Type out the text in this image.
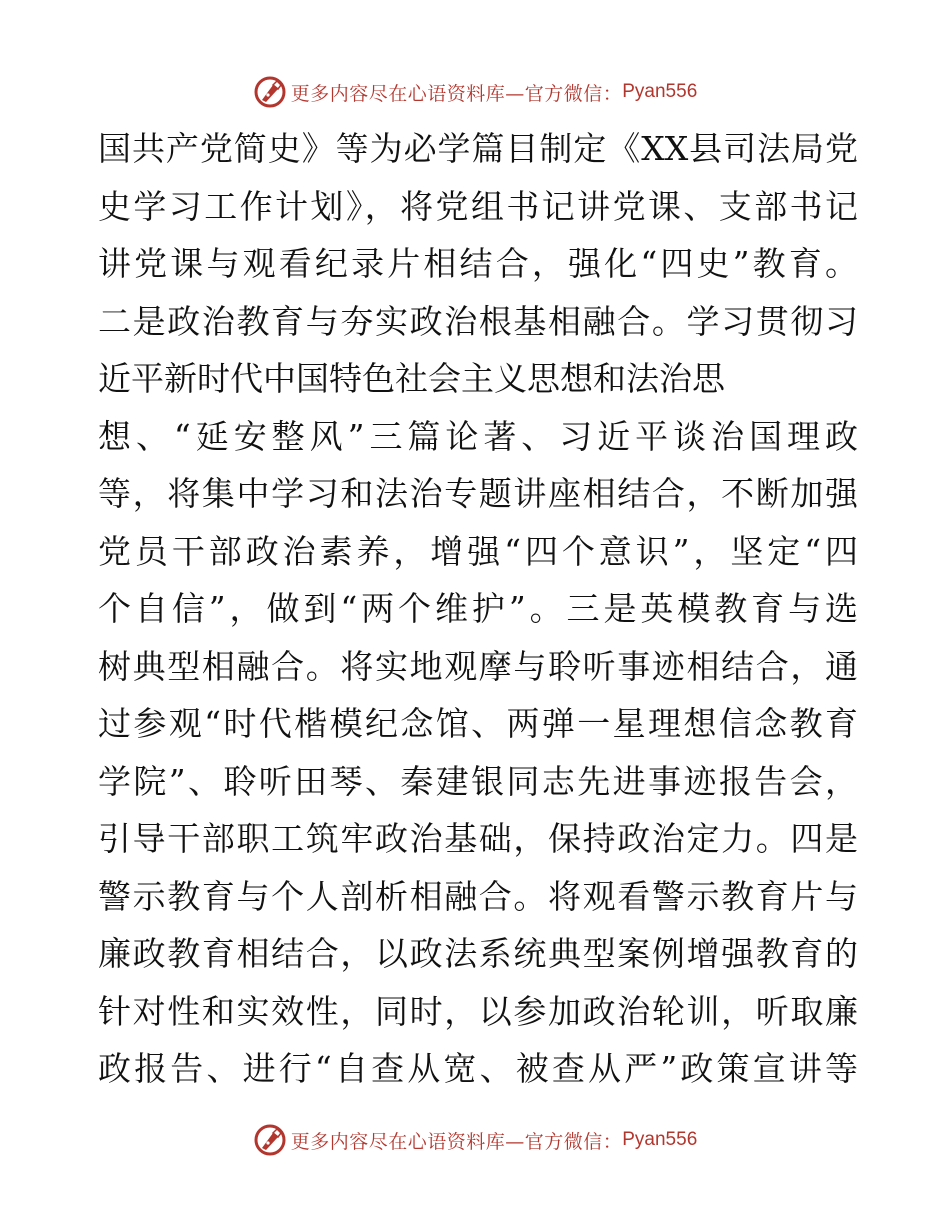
更多内容尽在心语资料库—官方微信： Pyan556
国共产党简史》等为必学篇目制定《XX县司法局党
史学习工作计划》，将党组书记讲党课、支部书记
讲党课与观看纪录片相结合，强化“四史”教育。
二是政治教育与夯实政治根基相融合。学习贯彻习
近平新时代中国特色社会主义思想和法治思
想、“延安整风”三篇论著、习近平谈治国理政
等，将集中学习和法治专题讲座相结合，不断加强
党员干部政治素养，增强“四个意识”，坚定“四
个自信”，做到“两个维护”。三是英模教育与选
树典型相融合。将实地观摩与聆听事迹相结合，通
过参观“时代楷模纪念馆、两弹一星理想信念教育
学院”、聆听田琴、秦建银同志先进事迹报告会，
引导干部职工筑牢政治基础，保持政治定力。四是
警示教育与个人剖析相融合。将观看警示教育片与
廉政教育相结合，以政法系统典型案例增强教育的
针对性和实效性，同时，以参加政治轮训，听取廉
政报告、进行“自查从宽、被查从严”政策宣讲等
更多内容尽在心语资料库—官方微信： Pyan556
